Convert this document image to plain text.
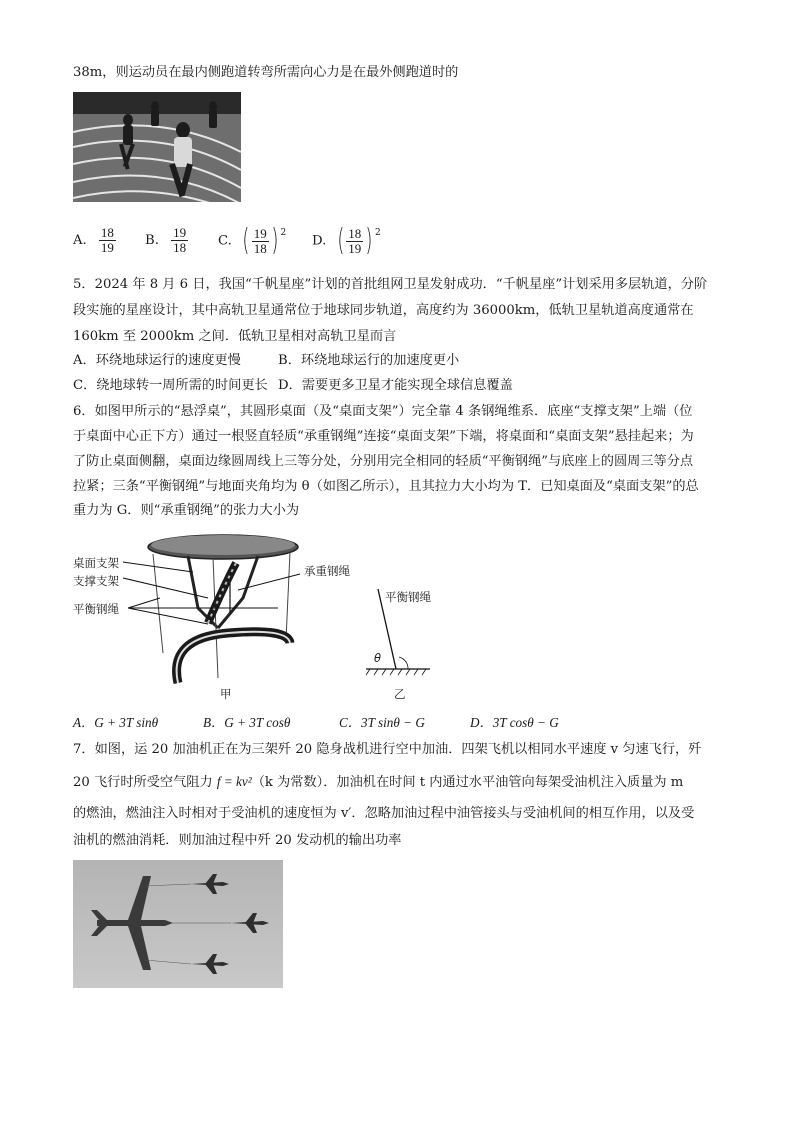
38m，则运动员在最内侧跑道转弯所需向心力是在最外侧跑道时的
A. $\frac{18}{19} B$. $\frac{19}{18} C$. ( $\frac{19}{18}$ ) $^2$
D. ( $\frac{18}{19}$ ) $^2$
5．2024 年 8 月 6 日，我国“千帆星座”计划的首批组网卫星发射成功．“千帆星座”计划采用多层轨道，分阶
段实施的星座设计，其中高轨卫星通常位于地球同步轨道，高度约为 36000km，低轨卫星轨道高度通常在
160km 至 2000km 之间．低轨卫星相对高轨卫星而言
A．环绕地球运行的速度更慢	B．环绕地球运行的加速度更小
C．绕地球转一周所需的时间更长 D．需要更多卫星才能实现全球信息覆盖
6．如图甲所示的“悬浮桌”，其圆形桌面（及“桌面支架”）完全靠 4 条钢绳维系．底座“支撑支架”上端（位
于桌面中心正下方）通过一根竖直轻质“承重钢绳”连接“桌面支架”下端，将桌面和“桌面支架”悬挂起来；为
了防止桌面侧翻，桌面边缘圆周线上三等分处，分别用完全相同的轻质“平衡钢绳”与底座上的圆周三等分点
拉紧；三条“平衡钢绳”与地面夹角均为 θ（如图乙所示），且其拉力大小均为 T．已知桌面及“桌面支架”的总
重力为 G．则“承重钢绳”的张力大小为
桌面支架
支撑支架
承重钢绳
平衡钢绳
甲
平衡钢绳
θ
乙
A．G + 3T sinθ	B．G + 3T cosθ	C．3T sinθ − G	D．3T cosθ − G
7．如图，运 20 加油机正在为三架歼 20 隐身战机进行空中加油．四架飞机以相同水平速度 v 匀速飞行，歼
20 飞行时所受空气阻力 f = kv²（k 为常数）．加油机在时间 t 内通过水平油管向每架受油机注入质量为 m
的燃油，燃油注入时相对于受油机的速度恒为 v′．忽略加油过程中油管接头与受油机间的相互作用，以及受
油机的燃油消耗．则加油过程中歼 20 发动机的输出功率
